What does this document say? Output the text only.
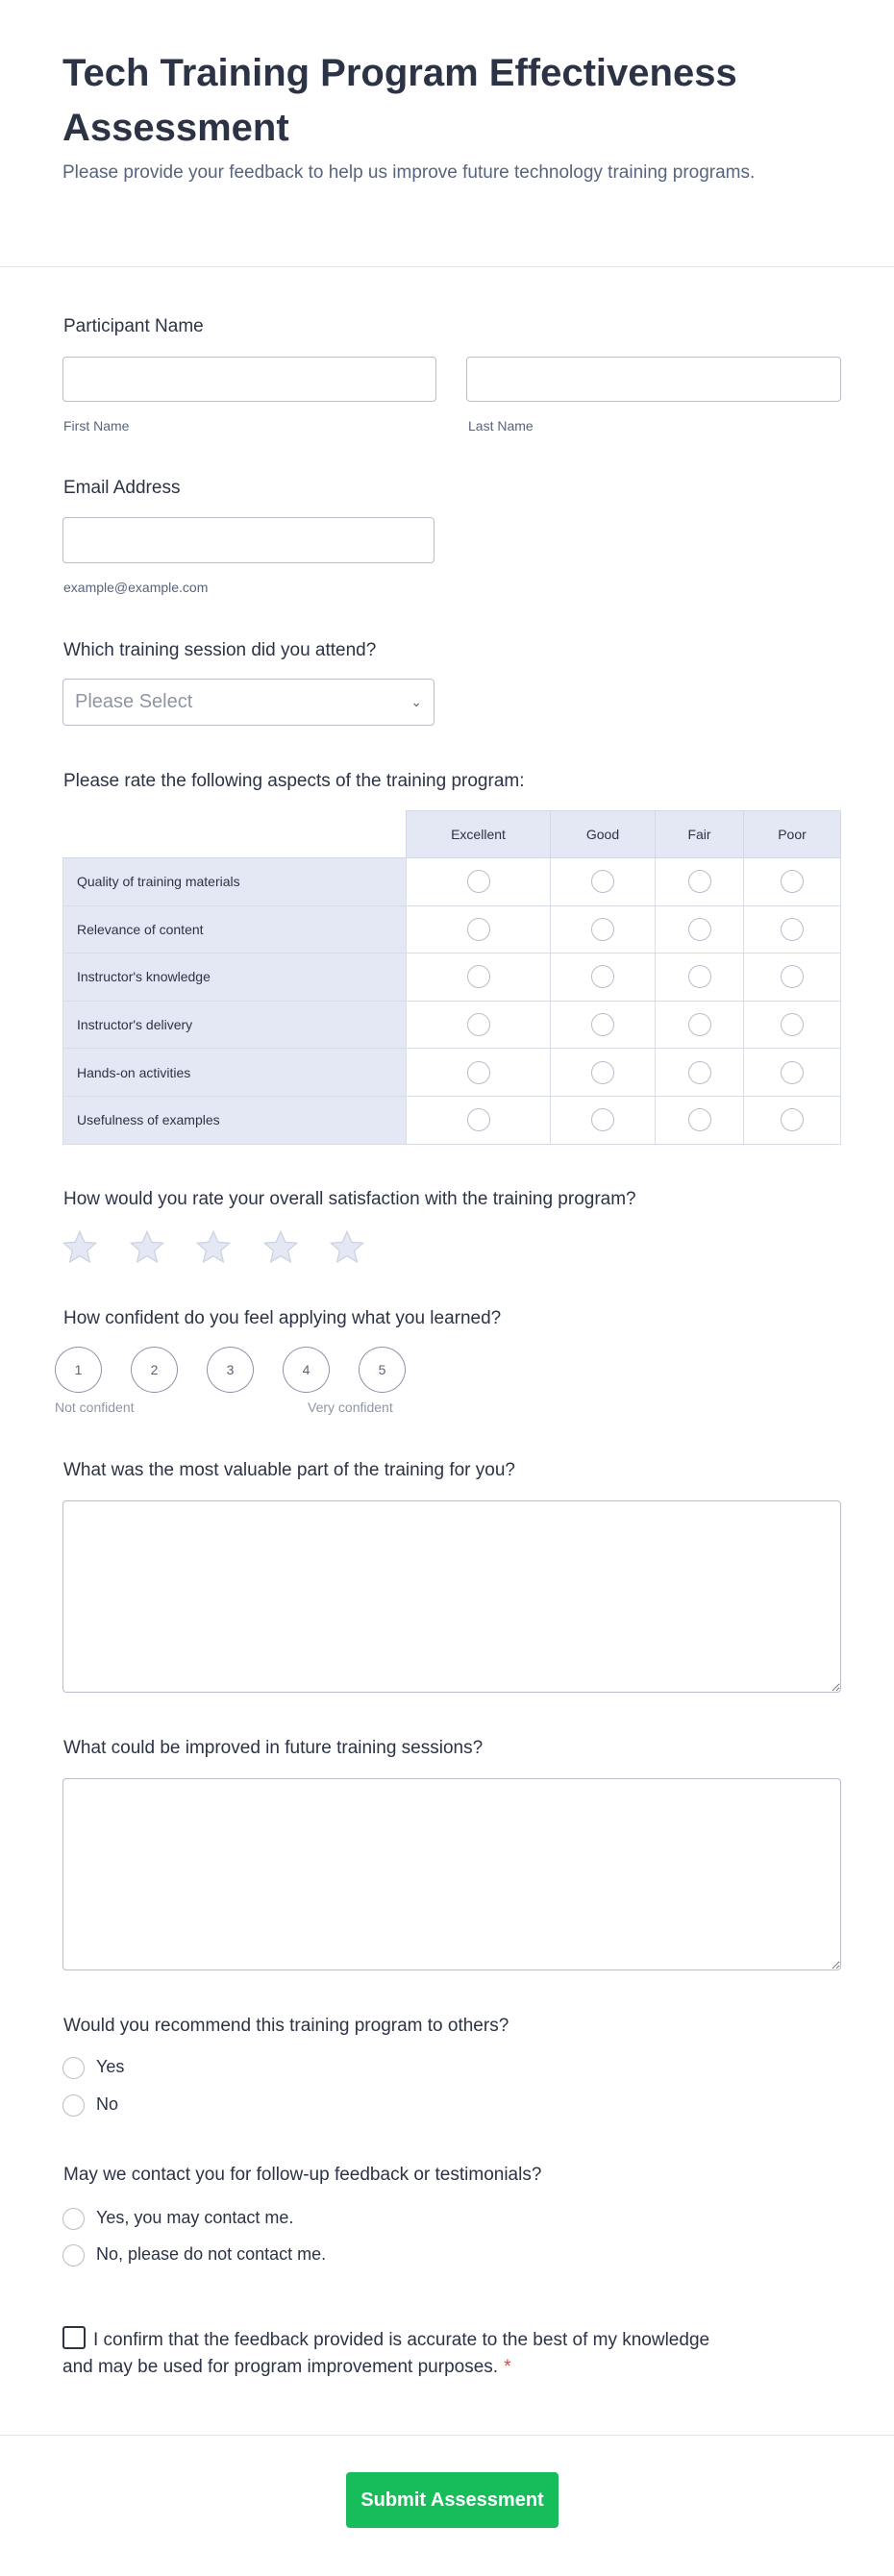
Tech Training Program Effectiveness Assessment
Please provide your feedback to help us improve future technology training programs.
Participant Name
First Name	Last Name
Email Address
example@example.com
Which training session did you attend?
Please Select	⌄
Please rate the following aspects of the training program:
	Excellent	Good	Fair	Poor
Quality of training materials				
Relevance of content				
Instructor's knowledge				
Instructor's delivery				
Hands-on activities				
Usefulness of examples				
How would you rate your overall satisfaction with the training program?
How confident do you feel applying what you learned?
1	2	3	4	5
Not confident	Very confident
What was the most valuable part of the training for you?
What could be improved in future training sessions?
Would you recommend this training program to others?
Yes
No
May we contact you for follow-up feedback or testimonials?
Yes, you may contact me.
No, please do not contact me.
I confirm that the feedback provided is accurate to the best of my knowledge and may be used for program improvement purposes. *
Submit Assessment
